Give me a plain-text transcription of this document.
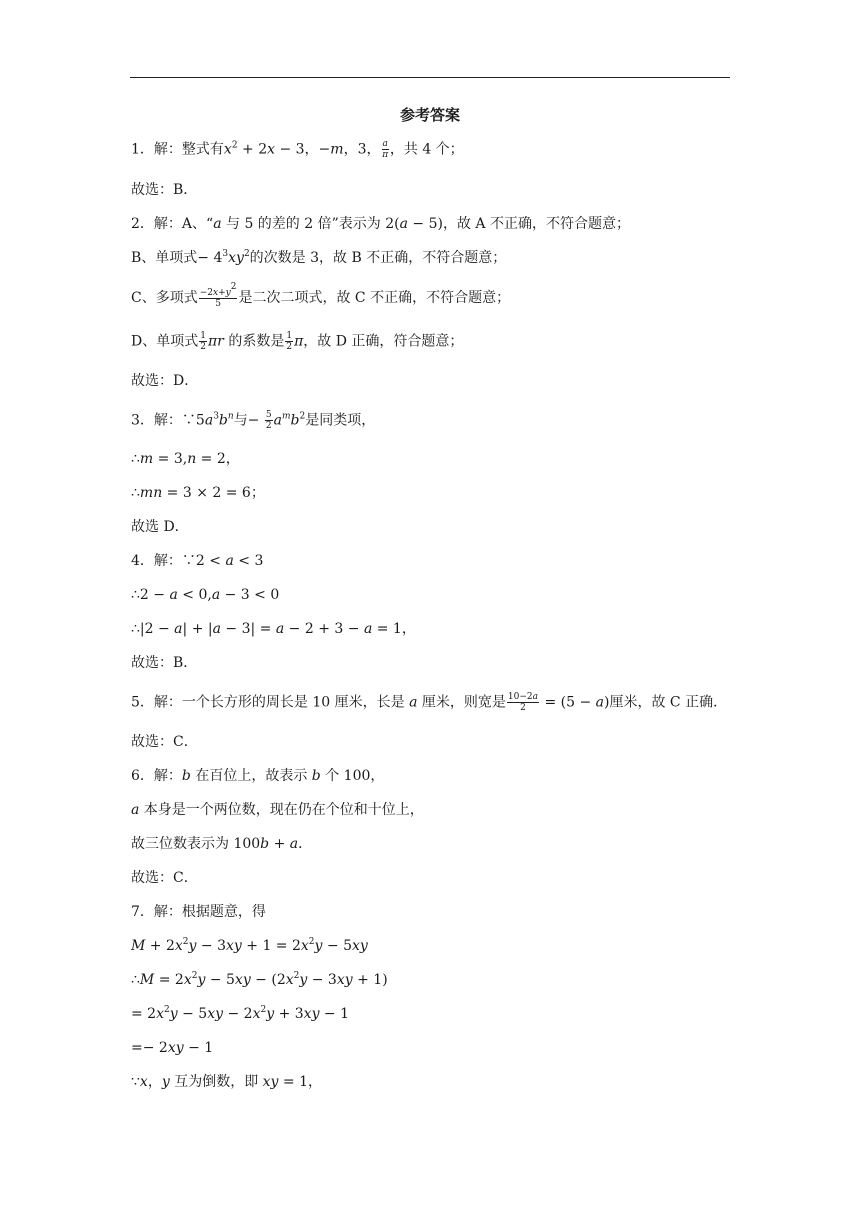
参考答案
1．解：整式有$x^2 + 2x - 3$，−m，3， $\frac{a}{\pi}$ ，共 4 个；
故选：B．
2．解：A、“a 与 5 的差的 2 倍”表示为 2(a − 5)，故 A 不正确，不符合题意；
B、单项式− $4^3xy^2$的次数是 3，故 B 不正确，不符合题意；
C、多项式 $\frac{-2x+y^2}{5}$ 是二次二项式，故 C 不正确，不符合题意；
D、单项式 $\frac{1}{2}$ πr 的系数是 $\frac{1}{2}$ π，故 D 正确，符合题意；
故选：D．
3．解：$\because 5a^3b^n$与− $\frac{5}{2} a^mb^2$是同类项，
∴m = 3,n = 2，
∴mn = 3 × 2 = 6；
故选 D．
4．解：∵2 < a < 3
∴2 − a < 0,a − 3 < 0
∴|2 − a| + |a − 3| = a − 2 + 3 − a = 1，
故选：B．
5．解：一个长方形的周长是 10 厘米，长是 a 厘米，则宽是 $\frac{10-2a}{2} = (5 - a)$厘米，故 C 正确．
故选：C．
6．解：b 在百位上，故表示 b 个 100，
a 本身是一个两位数，现在仍在个位和十位上，
故三位数表示为 100b + a．
故选：C．
7．解：根据题意，得
$M + 2x^2y - 3xy + 1 = 2x^2y - 5xy$
∴M = $2x^2y - 5xy - (2x^2y - 3xy + 1)$
= $2x^2y - 5xy - 2x^2y + 3xy - 1$
=− 2xy − 1
∵x，y 互为倒数，即 xy = 1，
